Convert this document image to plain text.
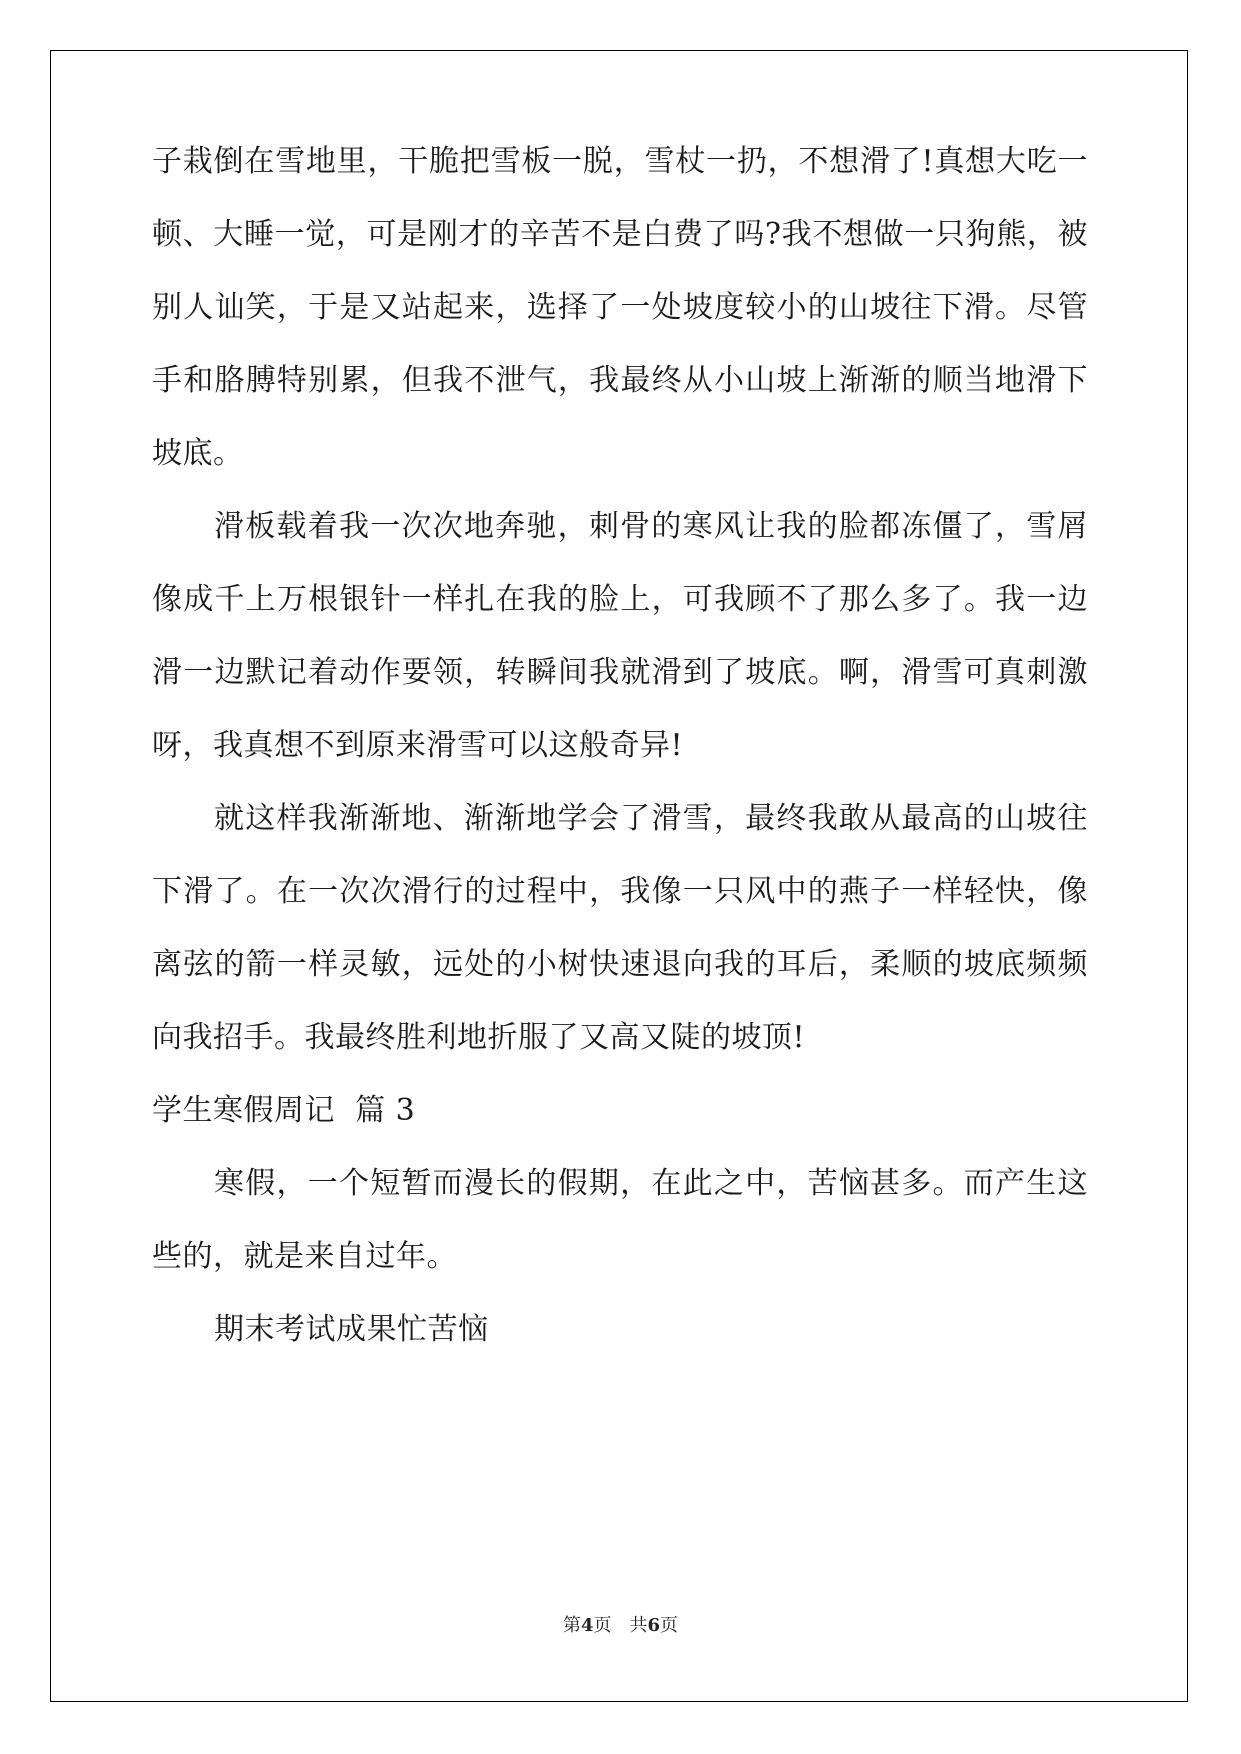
子栽倒在雪地里，干脆把雪板一脱，雪杖一扔，不想滑了!真想大吃一
顿、大睡一觉，可是刚才的辛苦不是白费了吗?我不想做一只狗熊，被
别人讪笑，于是又站起来，选择了一处坡度较小的山坡往下滑。尽管
手和胳膊特别累，但我不泄气，我最终从小山坡上渐渐的顺当地滑下
坡底。
滑板载着我一次次地奔驰，刺骨的寒风让我的脸都冻僵了，雪屑
像成千上万根银针一样扎在我的脸上，可我顾不了那么多了。我一边
滑一边默记着动作要领，转瞬间我就滑到了坡底。啊，滑雪可真刺激
呀，我真想不到原来滑雪可以这般奇异!
就这样我渐渐地、渐渐地学会了滑雪，最终我敢从最高的山坡往
下滑了。在一次次滑行的过程中，我像一只风中的燕子一样轻快，像
离弦的箭一样灵敏，远处的小树快速退向我的耳后，柔顺的坡底频频
向我招手。我最终胜利地折服了又高又陡的坡顶!
学生寒假周记  篇 3
寒假，一个短暂而漫长的假期，在此之中，苦恼甚多。而产生这
些的，就是来自过年。
期末考试成果忙苦恼
第4页 共6页
